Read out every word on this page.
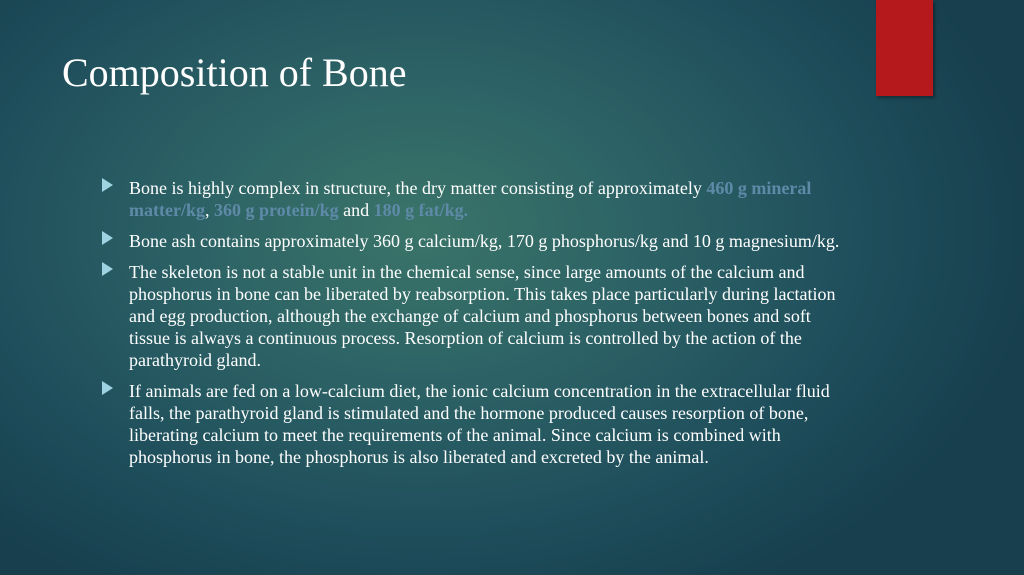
Composition of Bone
Bone is highly complex in structure, the dry matter consisting of approximately 460 g mineral matter/kg, 360 g protein/kg and 180 g fat/kg.
Bone ash contains approximately 360 g calcium/kg, 170 g phosphorus/kg and 10 g magnesium/kg.
The skeleton is not a stable unit in the chemical sense, since large amounts of the calcium and phosphorus in bone can be liberated by reabsorption. This takes place particularly during lactation and egg production, although the exchange of calcium and phosphorus between bones and soft tissue is always a continuous process. Resorption of calcium is controlled by the action of the parathyroid gland.
If animals are fed on a low-calcium diet, the ionic calcium concentration in the extracellular fluid falls, the parathyroid gland is stimulated and the hormone produced causes resorption of bone, liberating calcium to meet the requirements of the animal. Since calcium is combined with phosphorus in bone, the phosphorus is also liberated and excreted by the animal.
